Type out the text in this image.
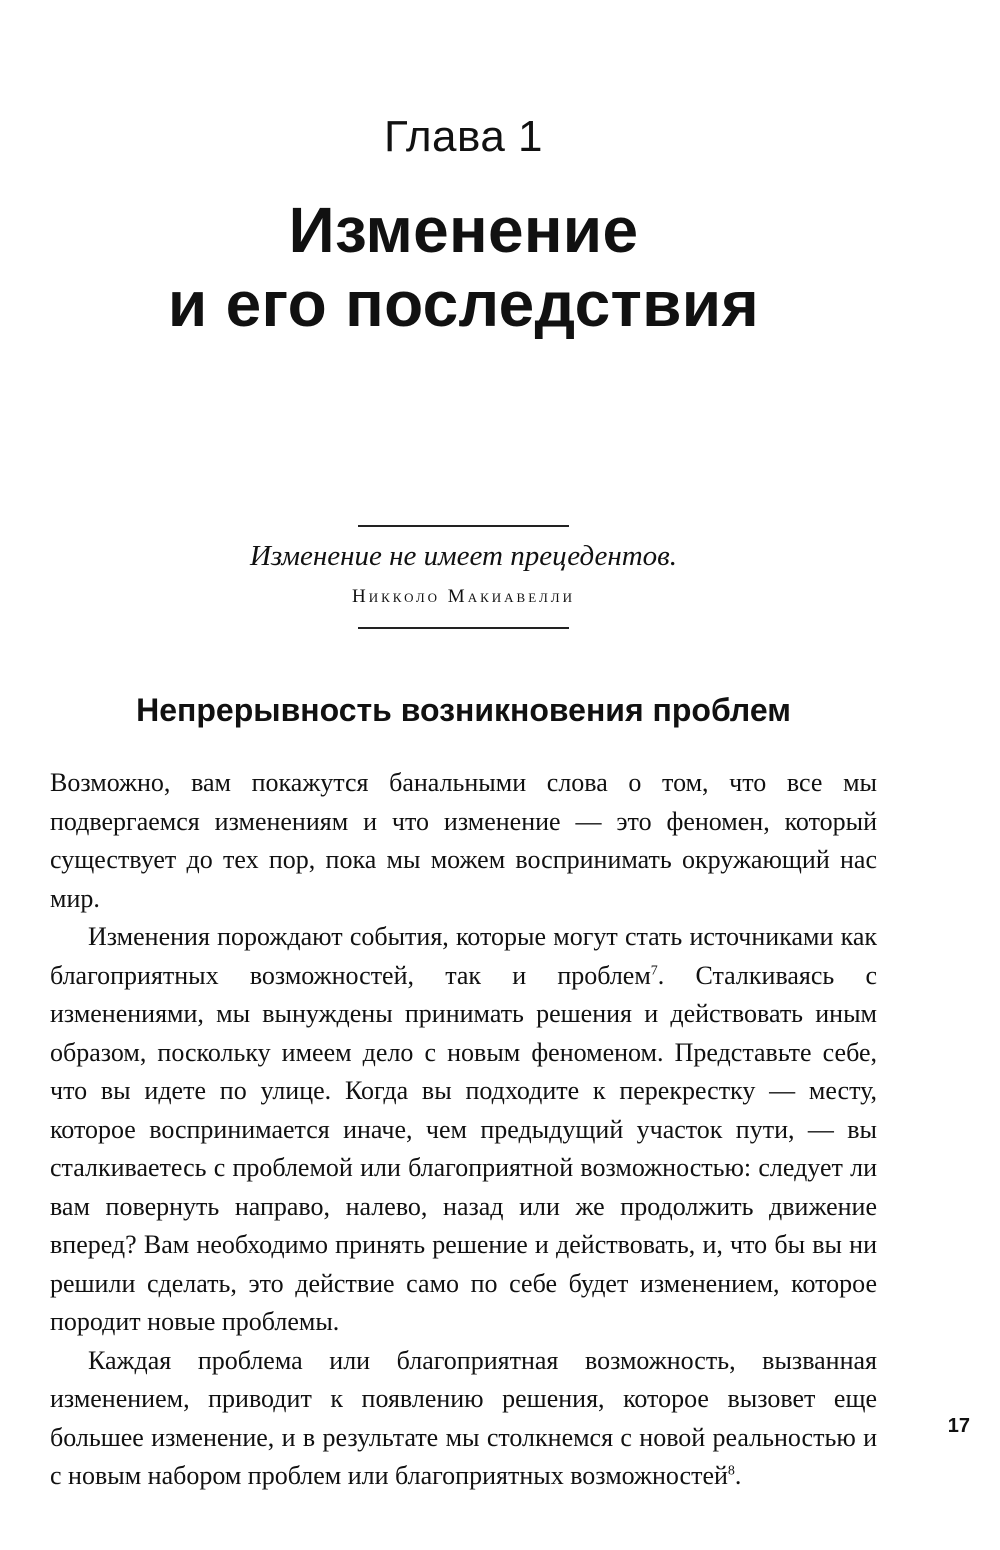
Глава 1
Изменение
и его последствия

Изменение не имеет прецедентов.

Никколо Макиавелли

Непрерывность возникновения проблем

Возможно, вам покажутся банальными слова о том, что все мы подвергаемся изменениям и что изменение — это феномен, который существует до тех пор, пока мы можем воспринимать окружающий нас мир.

Изменения порождают события, которые могут стать источниками как благоприятных возможностей, так и проблем$^7$. Сталкиваясь с изменениями, мы вынуждены принимать решения и действовать иным образом, поскольку имеем дело с новым феноменом. Представьте себе, что вы идете по улице. Когда вы подходите к перекрестку — месту, которое воспринимается иначе, чем предыдущий участок пути, — вы сталкиваетесь с проблемой или благоприятной возможностью: следует ли вам повернуть направо, налево, назад или же продолжить движение вперед? Вам необходимо принять решение и действовать, и, что бы вы ни решили сделать, это действие само по себе будет изменением, которое породит новые проблемы.

Каждая проблема или благоприятная возможность, вызванная изменением, приводит к появлению решения, которое вызовет еще большее изменение, и в результате мы столкнемся с новой реальностью и с новым набором проблем или благоприятных возможностей$^8$.

17
